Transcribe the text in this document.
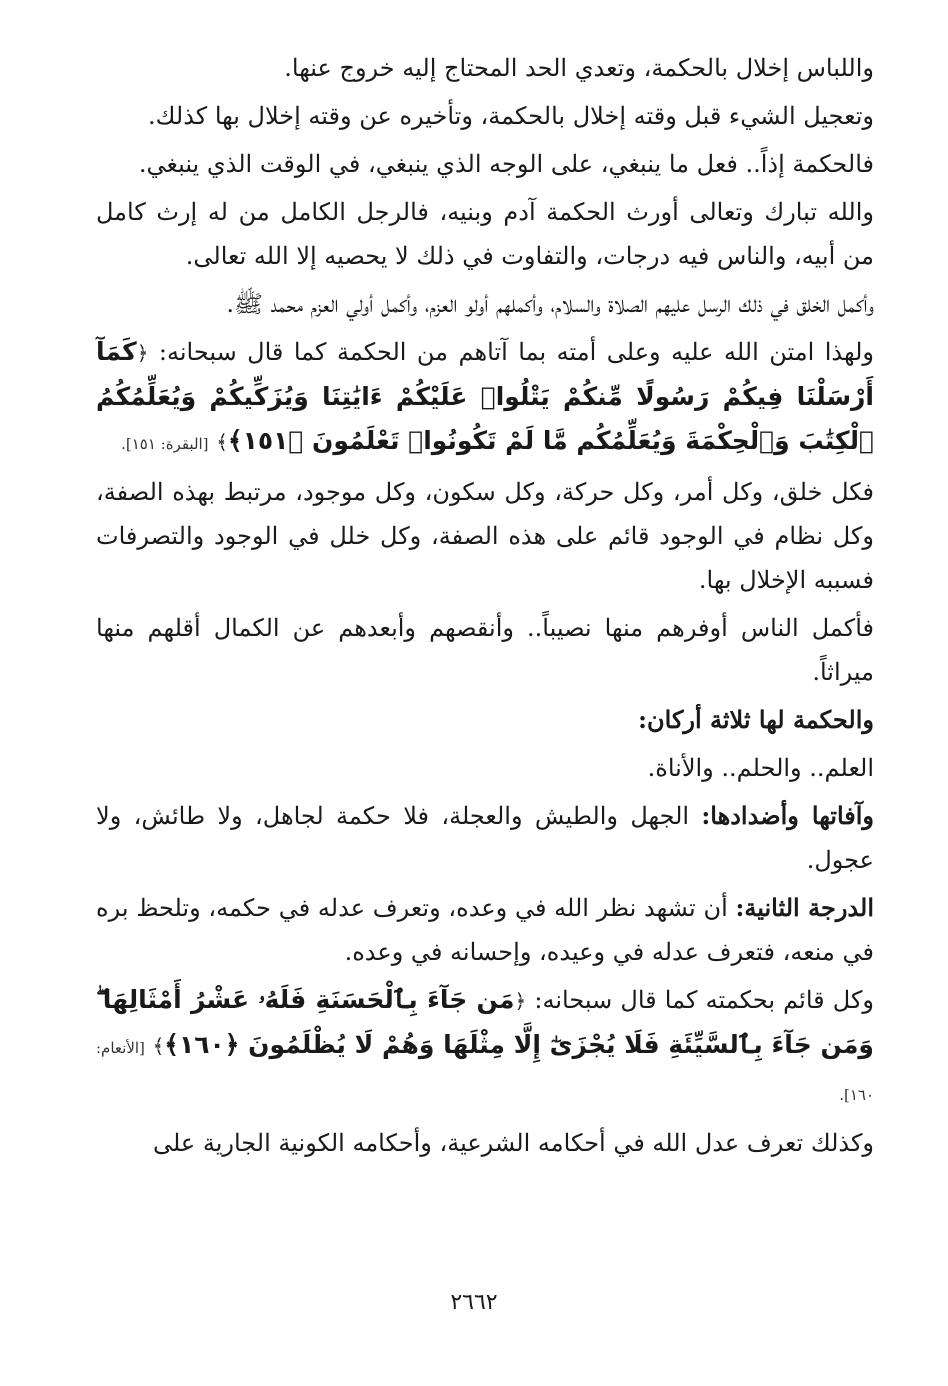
واللباس إخلال بالحكمة، وتعدي الحد المحتاج إليه خروج عنها.

وتعجيل الشيء قبل وقته إخلال بالحكمة، وتأخيره عن وقته إخلال بها كذلك.

فالحكمة إذاً.. فعل ما ينبغي، على الوجه الذي ينبغي، في الوقت الذي ينبغي.

والله تبارك وتعالى أورث الحكمة آدم وبنيه، فالرجل الكامل من له إرث كامل من أبيه، والناس فيه درجات، والتفاوت في ذلك لا يحصيه إلا الله تعالى.

وأكمل الخلق في ذلك الرسل عليهم الصلاة والسلام، وأكملهم أولو العزم، وأكمل أولي العزم محمد ﷺ.

ولهذا امتن الله عليه وعلى أمته بما آتاهم من الحكمة كما قال سبحانه: ﴿كَمَآ أَرْسَلْنَا فِيكُمْ رَسُولًا مِّنكُمْ يَتْلُوا۟ عَلَيْكُمْ ءَايَٰتِنَا وَيُزَكِّيكُمْ وَيُعَلِّمُكُمُ ٱلْكِتَٰبَ وَٱلْحِكْمَةَ وَيُعَلِّمُكُم مَّا لَمْ تَكُونُوا۟ تَعْلَمُونَ ﴿١٥١﴾﴾ [البقرة: ١٥١].

فكل خلق، وكل أمر، وكل حركة، وكل سكون، وكل موجود، مرتبط بهذه الصفة، وكل نظام في الوجود قائم على هذه الصفة، وكل خلل في الوجود والتصرفات فسببه الإخلال بها.

فأكمل الناس أوفرهم منها نصيباً.. وأنقصهم وأبعدهم عن الكمال أقلهم منها ميراثاً.

والحكمة لها ثلاثة أركان:

العلم.. والحلم.. والأناة.

وآفاتها وأضدادها: الجهل والطيش والعجلة، فلا حكمة لجاهل، ولا طائش، ولا عجول.

الدرجة الثانية: أن تشهد نظر الله في وعده، وتعرف عدله في حكمه، وتلحظ بره في منعه، فتعرف عدله في وعيده، وإحسانه في وعده.

وكل قائم بحكمته كما قال سبحانه: ﴿مَن جَآءَ بِٱلْحَسَنَةِ فَلَهُۥ عَشْرُ أَمْثَالِهَا ۖ وَمَن جَآءَ بِٱلسَّيِّئَةِ فَلَا يُجْزَىٰٓ إِلَّا مِثْلَهَا وَهُمْ لَا يُظْلَمُونَ ﴿١٦٠﴾﴾ [الأنعام: ١٦٠].

وكذلك تعرف عدل الله في أحكامه الشرعية، وأحكامه الكونية الجارية على

٢٦٦٢
